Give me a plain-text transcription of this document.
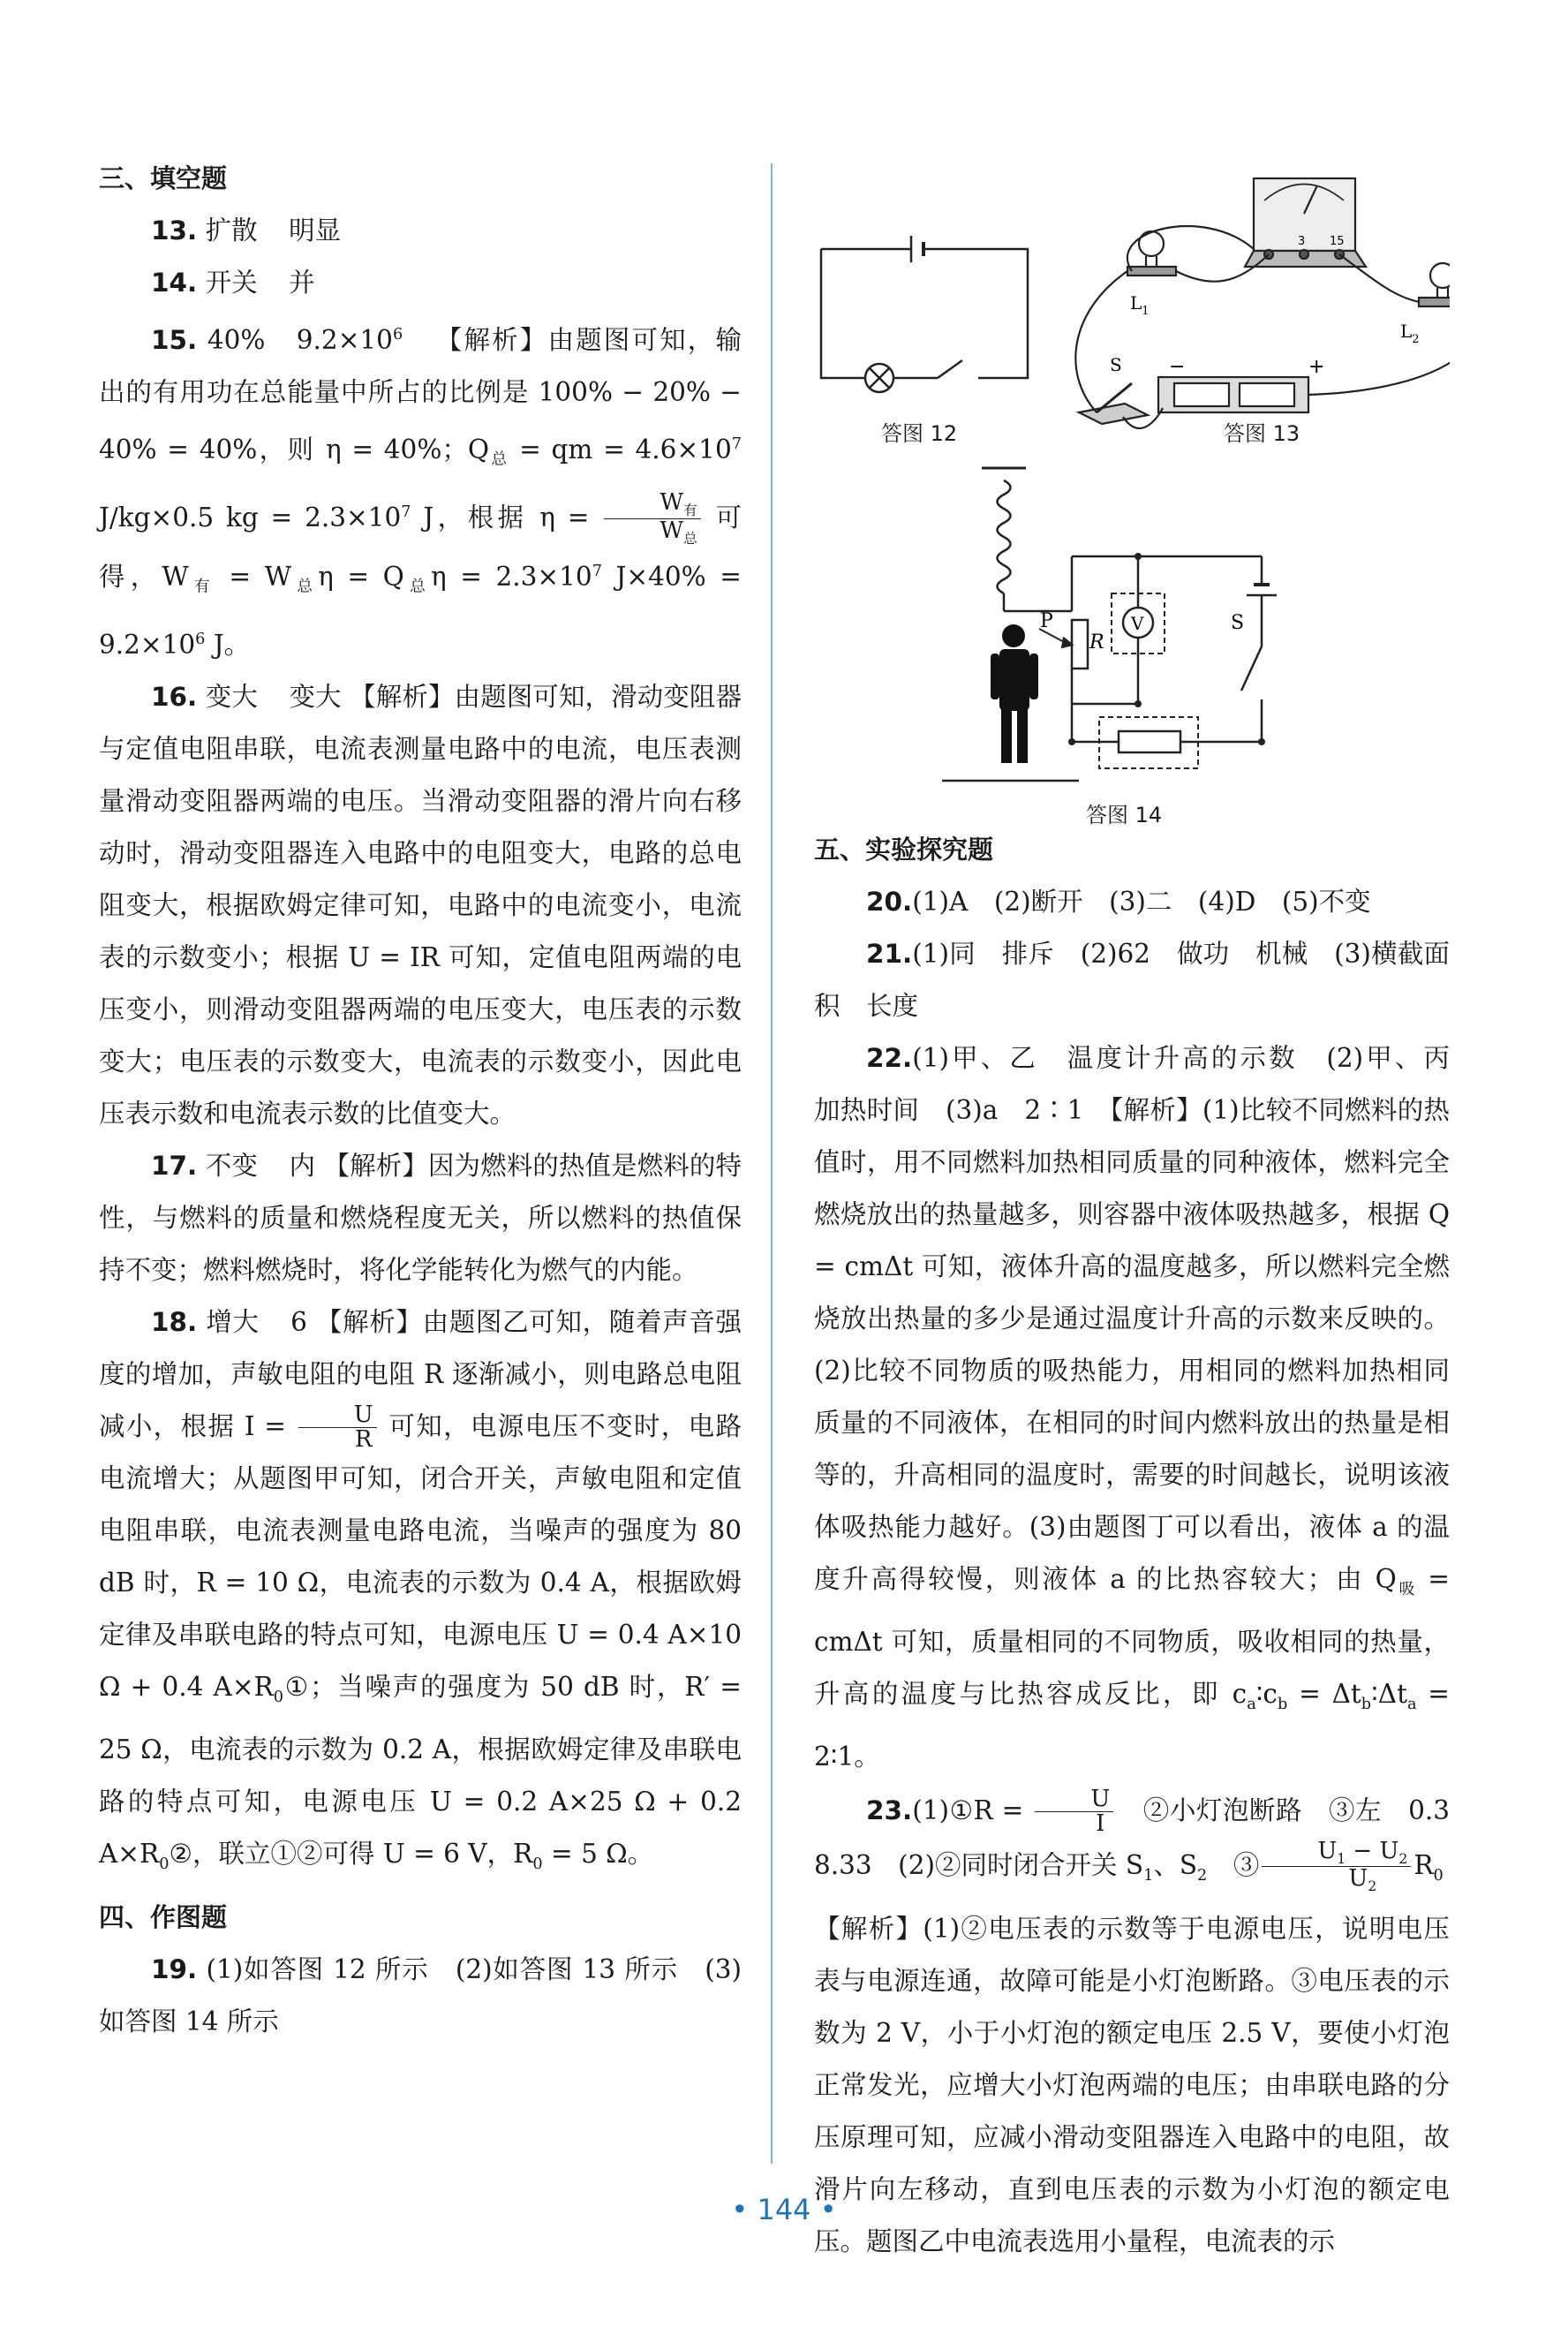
三、填空题

13. 扩散 明显

14. 开关 并

15. 40% $9.2\times 10^6$ 【解析】由题图可知，输出的有用功在总能量中所占的比例是 100% − 20% − 40% = 40%，则 η = 40%；$Q_总$ = qm = $4.6\times 10^7$ J/kg×0.5 kg = $2.3\times 10^7$ J，根据 η =	$W_有$
$W_总$
可得，$W_有 = W_总\eta = Q_总\eta = 2.3\times 10^7$ $J\times 40\% = 9.2\times 10^6$ J。

16. 变大 变大 【解析】由题图可知，滑动变阻器与定值电阻串联，电流表测量电路中的电流，电压表测量滑动变阻器两端的电压。当滑动变阻器的滑片向右移动时，滑动变阻器连入电路中的电阻变大，电路的总电阻变大，根据欧姆定律可知，电路中的电流变小，电流表的示数变小；根据 U = IR 可知，定值电阻两端的电压变小，则滑动变阻器两端的电压变大，电压表的示数变大；电压表的示数变大，电流表的示数变小，因此电压表示数和电流表示数的比值变大。

17. 不变 内 【解析】因为燃料的热值是燃料的特性，与燃料的质量和燃烧程度无关，所以燃料的热值保持不变；燃料燃烧时，将化学能转化为燃气的内能。

18. 增大 6 【解析】由题图乙可知，随着声音强度的增加，声敏电阻的电阻 R 逐渐减小，则电路总电阻减小，根据 $I = \frac{U}{R}$ 可知，电源电压不变时，电路电流增大；从题图甲可知，闭合开关，声敏电阻和定值电阻串联，电流表测量电路电流，当噪声的强度为 80 dB 时，R = 10 Ω，电流表的示数为 0.4 A，根据欧姆定律及串联电路的特点可知，电源电压 U = 0.4 A×10 Ω + 0.4 $A\times R_0①$；当噪声的强度为 50 dB 时，R′ = 25 Ω，电流表的示数为 0.2 A，根据欧姆定律及串联电路的特点可知，电源电压 U = 0.2 A×25 Ω + 0.2 $A\times R_0②$，联立①②可得 U = 6 V，$R_0 = 5$ Ω。

四、作图题

19. (1)如答图 12 所示　(2)如答图 13 所示　(3)如答图 14 所示

$L_1$
$L_2$
S
3 15
−	+
P
R
V	S
答图 12	答图 13
答图 14
五、实验探究题

20.(1)A　(2)断开　(3)二　(4)D　(5)不变

21.(1)同　排斥　(2)62　做功　机械　(3)横截面积　长度

22.(1)甲、乙　温度计升高的示数　(2)甲、丙　加热时间　(3)a　2∶1　【解析】(1)比较不同燃料的热值时，用不同燃料加热相同质量的同种液体，燃料完全燃烧放出的热量越多，则容器中液体吸热越多，根据 Q = cmΔt 可知，液体升高的温度越多，所以燃料完全燃烧放出热量的多少是通过温度计升高的示数来反映的。(2)比较不同物质的吸热能力，用相同的燃料加热相同质量的不同液体，在相同的时间内燃料放出的热量是相等的，升高相同的温度时，需要的时间越长，说明该液体吸热能力越好。(3)由题图丁可以看出，液体 a 的温度升高得较慢，则液体 a 的比热容较大；由 $Q_吸 = cm\Delta t$ 可知，质量相同的不同物质，吸收相同的热量，升高的温度与比热容成反比，即 $c_a∶c_b$ = $\Delta t_b∶\Delta t_a$ = 2∶1。

23.(1)①R = $\frac{U}{I}$ 　②小灯泡断路　③左　0.3　8.33　(2)②同时闭合开关 $S_1$、$S_2$　③ $\frac{U_1 - U_2}{U_2} R_0$

【解析】(1)②电压表的示数等于电源电压，说明电压表与电源连通，故障可能是小灯泡断路。③电压表的示数为 2 V，小于小灯泡的额定电压 2.5 V，要使小灯泡正常发光，应增大小灯泡两端的电压；由串联电路的分压原理可知，应减小滑动变阻器连入电路中的电阻，故滑片向左移动，直到电压表的示数为小灯泡的额定电压。题图乙中电流表选用小量程，电流表的示

• 144 •
